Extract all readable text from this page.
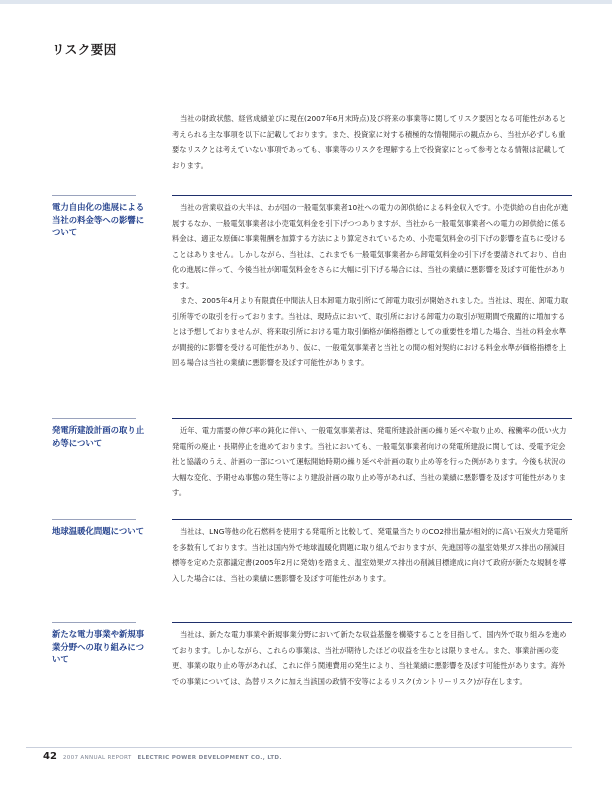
リスク要因

当社の財政状態、経営成績並びに現在(2007年6月末時点)及び将来の事業等に関してリスク要因となる可能性があると考えられる主な事項を以下に記載しております。また、投資家に対する積極的な情報開示の観点から、当社が必ずしも重要なリスクとは考えていない事項であっても、事業等のリスクを理解する上で投資家にとって参考となる情報は記載しております。

電力自由化の進展による当社の料金等への影響について

当社の営業収益の大半は、わが国の一般電気事業者10社への電力の卸供給による料金収入です。小売供給の自由化が進展するなか、一般電気事業者は小売電気料金を引下げつつありますが、当社から一般電気事業者への電力の卸供給に係る料金は、適正な原価に事業報酬を加算する方法により算定されているため、小売電気料金の引下げの影響を直ちに受けることはありません。しかしながら、当社は、これまでも一般電気事業者から卸電気料金の引下げを要請されており、自由化の進展に伴って、今後当社が卸電気料金をさらに大幅に引下げる場合には、当社の業績に悪影響を及ぼす可能性があります。

また、2005年4月より有限責任中間法人日本卸電力取引所にて卸電力取引が開始されました。当社は、現在、卸電力取引所等での取引を行っております。当社は、現時点において、取引所における卸電力の取引が短期間で飛躍的に増加するとは予想しておりませんが、将来取引所における電力取引価格が価格指標としての重要性を増した場合、当社の料金水準が間接的に影響を受ける可能性があり、仮に、一般電気事業者と当社との間の相対契約における料金水準が価格指標を上回る場合は当社の業績に悪影響を及ぼす可能性があります。

発電所建設計画の取り止め等について

近年、電力需要の伸び率の鈍化に伴い、一般電気事業者は、発電所建設計画の繰り延べや取り止め、稼働率の低い火力発電所の廃止・長期停止を進めております。当社においても、一般電気事業者向けの発電所建設に関しては、受電予定会社と協議のうえ、計画の一部について運転開始時期の繰り延べや計画の取り止め等を行った例があります。今後も状況の大幅な変化、予期せぬ事態の発生等により建設計画の取り止め等があれば、当社の業績に悪影響を及ぼす可能性があります。

地球温暖化問題について	当社は、LNG等他の化石燃料を使用する発電所と比較して、発電量当たりのCO2排出量が相対的に高い石炭火力発電所を多数有しております。当社は国内外で地球温暖化問題に取り組んでおりますが、先進国等の温室効果ガス排出の削減目標等を定めた京都議定書(2005年2月に発効)を踏まえ、温室効果ガス排出の削減目標達成に向けて政府が新たな規制を導入した場合には、当社の業績に悪影響を及ぼす可能性があります。

新たな電力事業や新規事業分野への取り組みについて

当社は、新たな電力事業や新規事業分野において新たな収益基盤を構築することを目指して、国内外で取り組みを進めております。しかしながら、これらの事業は、当社が期待したほどの収益を生むとは限りません。また、事業計画の変更、事業の取り止め等があれば、これに伴う関連費用の発生により、当社業績に悪影響を及ぼす可能性があります。海外での事業については、為替リスクに加え当該国の政情不安等によるリスク(カントリーリスク)が存在します。

42 2007 ANNUAL REPORT ELECTRIC POWER DEVELOPMENT CO., LTD.
